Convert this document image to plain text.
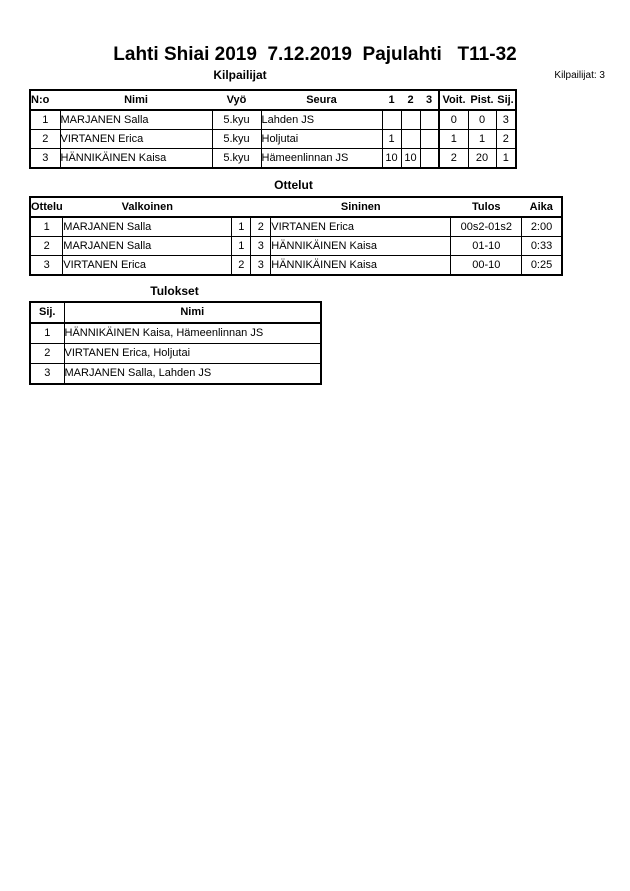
Lahti Shiai 2019  7.12.2019  Pajulahti   T11-32
Kilpailijat	Kilpailijat: 3
N:o	Nimi	Vyö	Seura	1	2	3	Voit.	Pist.	Sij.
1	MARJANEN Salla	5.kyu	Lahden JS				0	0	3
2	VIRTANEN Erica	5.kyu	Holjutai	1			1	1	2
3	HÄNNIKÄINEN Kaisa	5.kyu	Hämeenlinnan JS	10	10		2	20	1
Ottelut
Ottelu	Valkoinen			Sininen	Tulos	Aika
1	MARJANEN Salla	1	2	VIRTANEN Erica	00s2-01s2	2:00
2	MARJANEN Salla	1	3	HÄNNIKÄINEN Kaisa	01-10	0:33
3	VIRTANEN Erica	2	3	HÄNNIKÄINEN Kaisa	00-10	0:25
Tulokset
Sij.	Nimi
1	HÄNNIKÄINEN Kaisa, Hämeenlinnan JS
2	VIRTANEN Erica, Holjutai
3	MARJANEN Salla, Lahden JS
